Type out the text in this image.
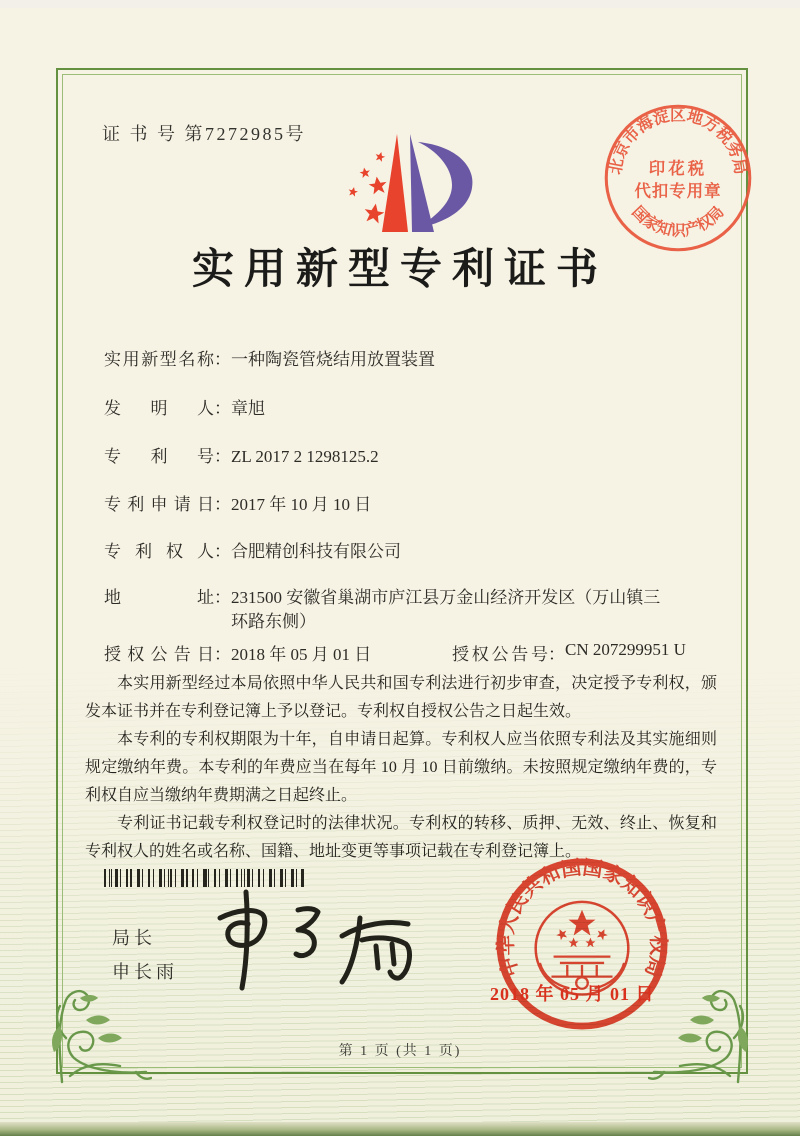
证 书 号 第7272985号
北京市海淀区地方税务局
国家知识产权局
印花税
代扣专用章
实用新型专利证书
实用新型名称 ： 一种陶瓷管烧结用放置装置
发明人 ： 章旭
专利号 ： ZL 2017 2 1298125.2
专利申请日 ： 2017 年 10 月 10 日
专利权人 ： 合肥精创科技有限公司
地址 ： 231500 安徽省巢湖市庐江县万金山经济开发区（万山镇三环路东侧）
授权公告日 ： 2018 年 05 月 01 日	授权公告号 ： CN 207299951 U

本实用新型经过本局依照中华人民共和国专利法进行初步审查，决定授予专利权，颁发本证书并在专利登记簿上予以登记。专利权自授权公告之日起生效。

本专利的专利权期限为十年，自申请日起算。专利权人应当依照专利法及其实施细则规定缴纳年费。本专利的年费应当在每年 10 月 10 日前缴纳。未按照规定缴纳年费的，专利权自应当缴纳年费期满之日起终止。

专利证书记载专利权登记时的法律状况。专利权的转移、质押、无效、终止、恢复和专利权人的姓名或名称、国籍、地址变更等事项记载在专利登记簿上。

局长
申长雨	中华人民共和国国家知识产权局
2018 年 05 月 01 日
第 1 页 (共 1 页)
